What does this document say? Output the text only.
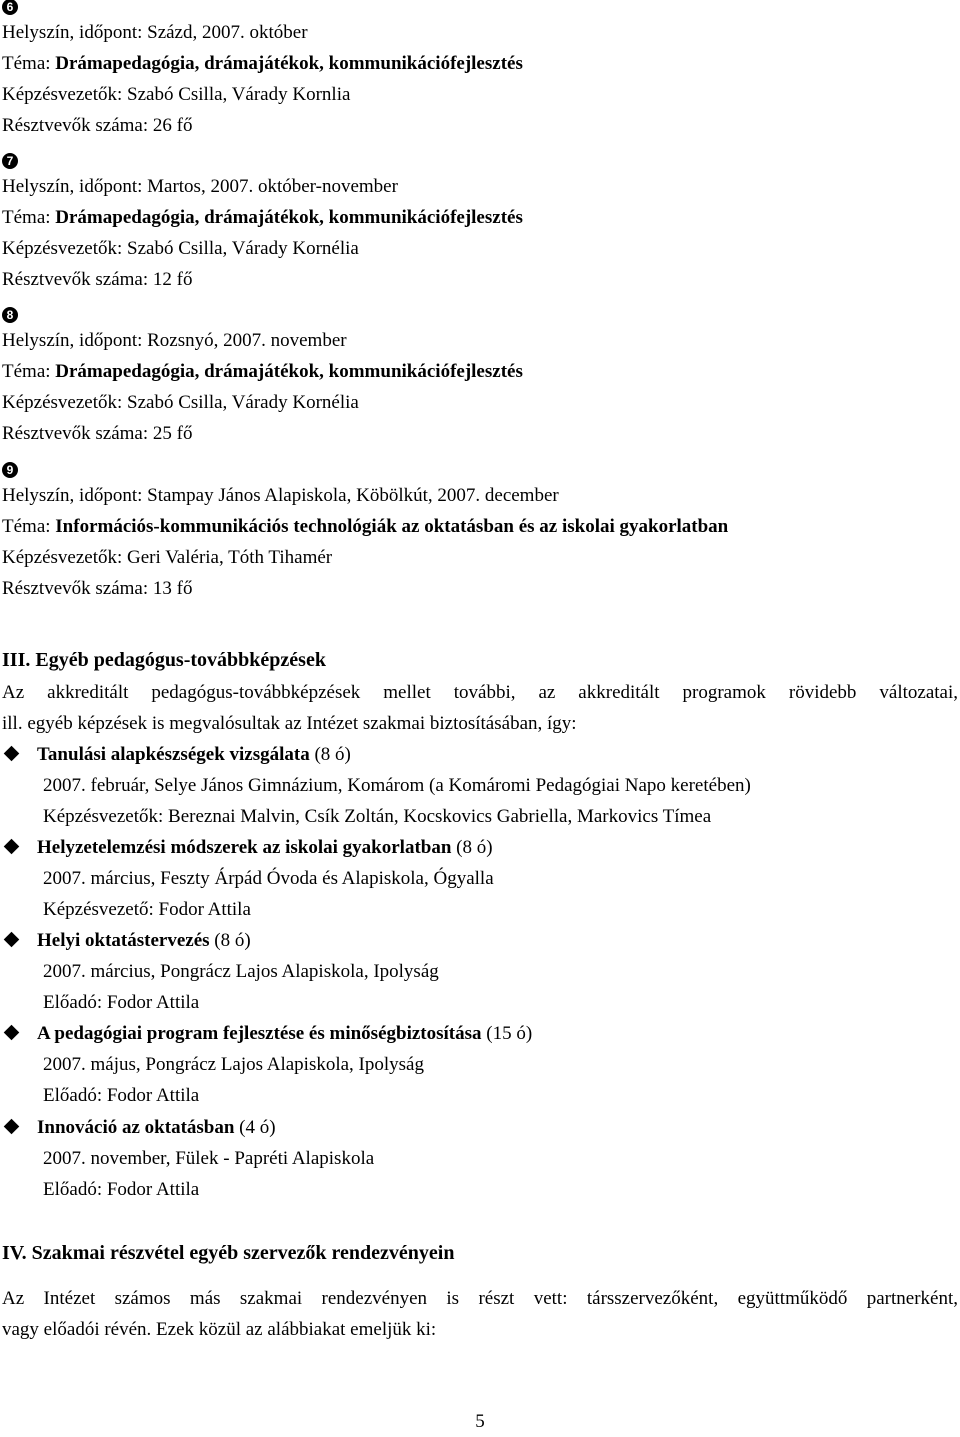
6
Helyszín, időpont: Százd, 2007. október
Téma: Drámapedagógia, drámajátékok, kommunikációfejlesztés
Képzésvezetők: Szabó Csilla, Várady Kornlia
Résztvevők száma: 26 fő
7
Helyszín, időpont: Martos, 2007. október-november
Téma: Drámapedagógia, drámajátékok, kommunikációfejlesztés
Képzésvezetők: Szabó Csilla, Várady Kornélia
Résztvevők száma: 12 fő
8
Helyszín, időpont: Rozsnyó, 2007. november
Téma: Drámapedagógia, drámajátékok, kommunikációfejlesztés
Képzésvezetők: Szabó Csilla, Várady Kornélia
Résztvevők száma: 25 fő
9
Helyszín, időpont: Stampay János Alapiskola, Köbölkút, 2007. december
Téma: Információs-kommunikációs technológiák az oktatásban és az iskolai gyakorlatban
Képzésvezetők: Geri Valéria, Tóth Tihamér
Résztvevők száma: 13 fő
III. Egyéb pedagógus-továbbképzések
Az akkreditált pedagógus-továbbképzések mellet további, az akkreditált programok rövidebb változatai,
ill. egyéb képzések is megvalósultak az Intézet szakmai biztosításában, így:
Tanulási alapkészségek vizsgálata (8 ó)
2007. február, Selye János Gimnázium, Komárom (a Komáromi Pedagógiai Napo keretében)
Képzésvezetők: Bereznai Malvin, Csík Zoltán, Kocskovics Gabriella, Markovics Tímea
Helyzetelemzési módszerek az iskolai gyakorlatban (8 ó)
2007. március, Feszty Árpád Óvoda és Alapiskola, Ógyalla
Képzésvezető: Fodor Attila
Helyi oktatástervezés (8 ó)
2007. március, Pongrácz Lajos Alapiskola, Ipolyság
Előadó: Fodor Attila
A pedagógiai program fejlesztése és minőségbiztosítása (15 ó)
2007. május, Pongrácz Lajos Alapiskola, Ipolyság
Előadó: Fodor Attila
Innováció az oktatásban (4 ó)
2007. november, Fülek - Papréti Alapiskola
Előadó: Fodor Attila
IV. Szakmai részvétel egyéb szervezők rendezvényein
Az Intézet számos más szakmai rendezvényen is részt vett: társszervezőként, együttműködő partnerként,
vagy előadói révén. Ezek közül az alábbiakat emeljük ki:
5
